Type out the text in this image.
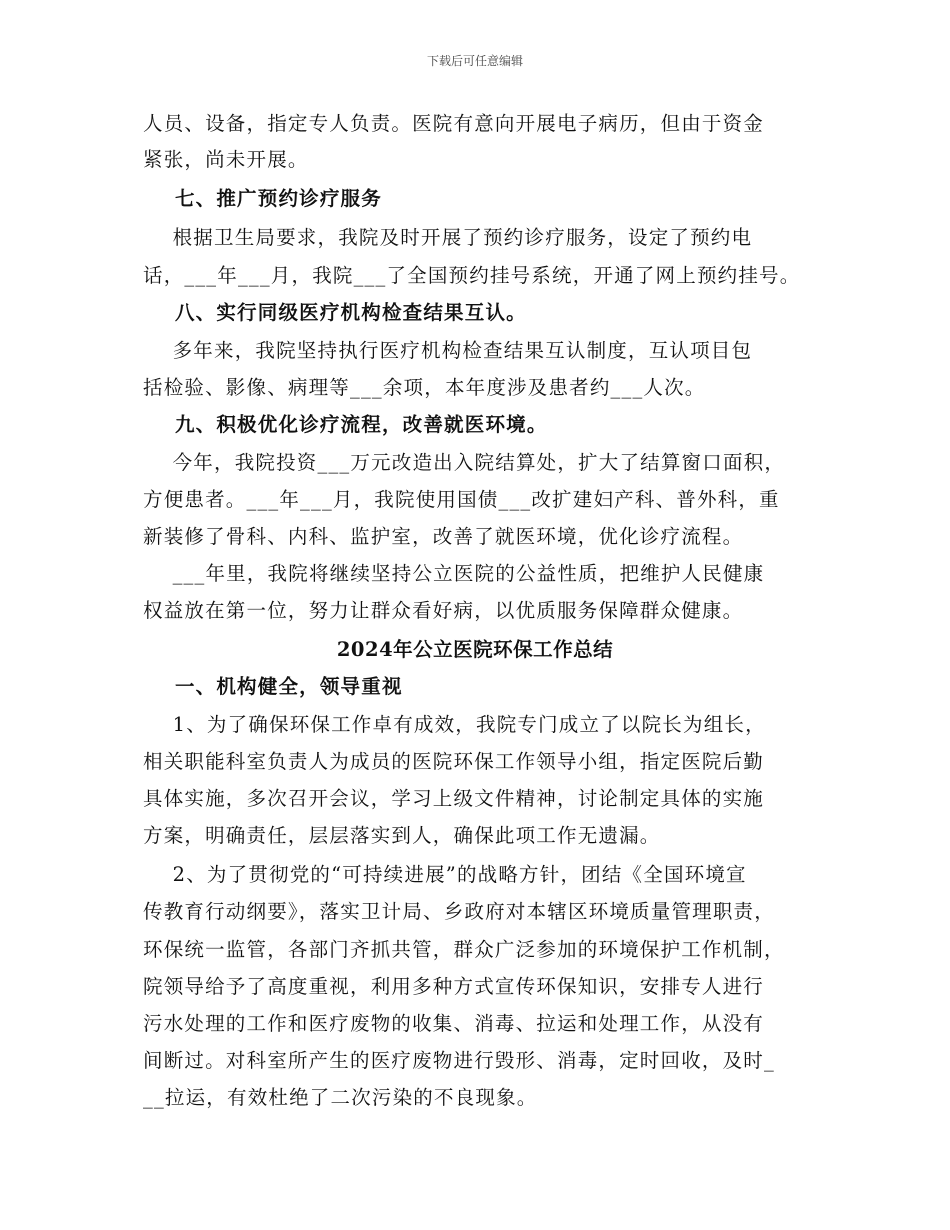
下载后可任意编辑
人员、设备，指定专人负责。医院有意向开展电子病历，但由于资金
紧张，尚未开展。
七、推广预约诊疗服务
根据卫生局要求，我院及时开展了预约诊疗服务，设定了预约电
话，___年___月，我院___了全国预约挂号系统，开通了网上预约挂号。
八、实行同级医疗机构检查结果互认。
多年来，我院坚持执行医疗机构检查结果互认制度，互认项目包
括检验、影像、病理等___余项，本年度涉及患者约___人次。
九、积极优化诊疗流程，改善就医环境。
今年，我院投资___万元改造出入院结算处，扩大了结算窗口面积，
方便患者。___年___月，我院使用国债___改扩建妇产科、普外科，重
新装修了骨科、内科、监护室，改善了就医环境，优化诊疗流程。
___年里，我院将继续坚持公立医院的公益性质，把维护人民健康
权益放在第一位，努力让群众看好病，以优质服务保障群众健康。
2024年公立医院环保工作总结
一、机构健全，领导重视
1、为了确保环保工作卓有成效，我院专门成立了以院长为组长，
相关职能科室负责人为成员的医院环保工作领导小组，指定医院后勤
具体实施，多次召开会议，学习上级文件精神，讨论制定具体的实施
方案，明确责任，层层落实到人，确保此项工作无遗漏。
2、为了贯彻党的“可持续进展”的战略方针，团结《全国环境宣
传教育行动纲要》，落实卫计局、乡政府对本辖区环境质量管理职责，
环保统一监管，各部门齐抓共管，群众广泛参加的环境保护工作机制，
院领导给予了高度重视，利用多种方式宣传环保知识，安排专人进行
污水处理的工作和医疗废物的收集、消毒、拉运和处理工作，从没有
间断过。对科室所产生的医疗废物进行毁形、消毒，定时回收，及时_
__拉运，有效杜绝了二次污染的不良现象。
